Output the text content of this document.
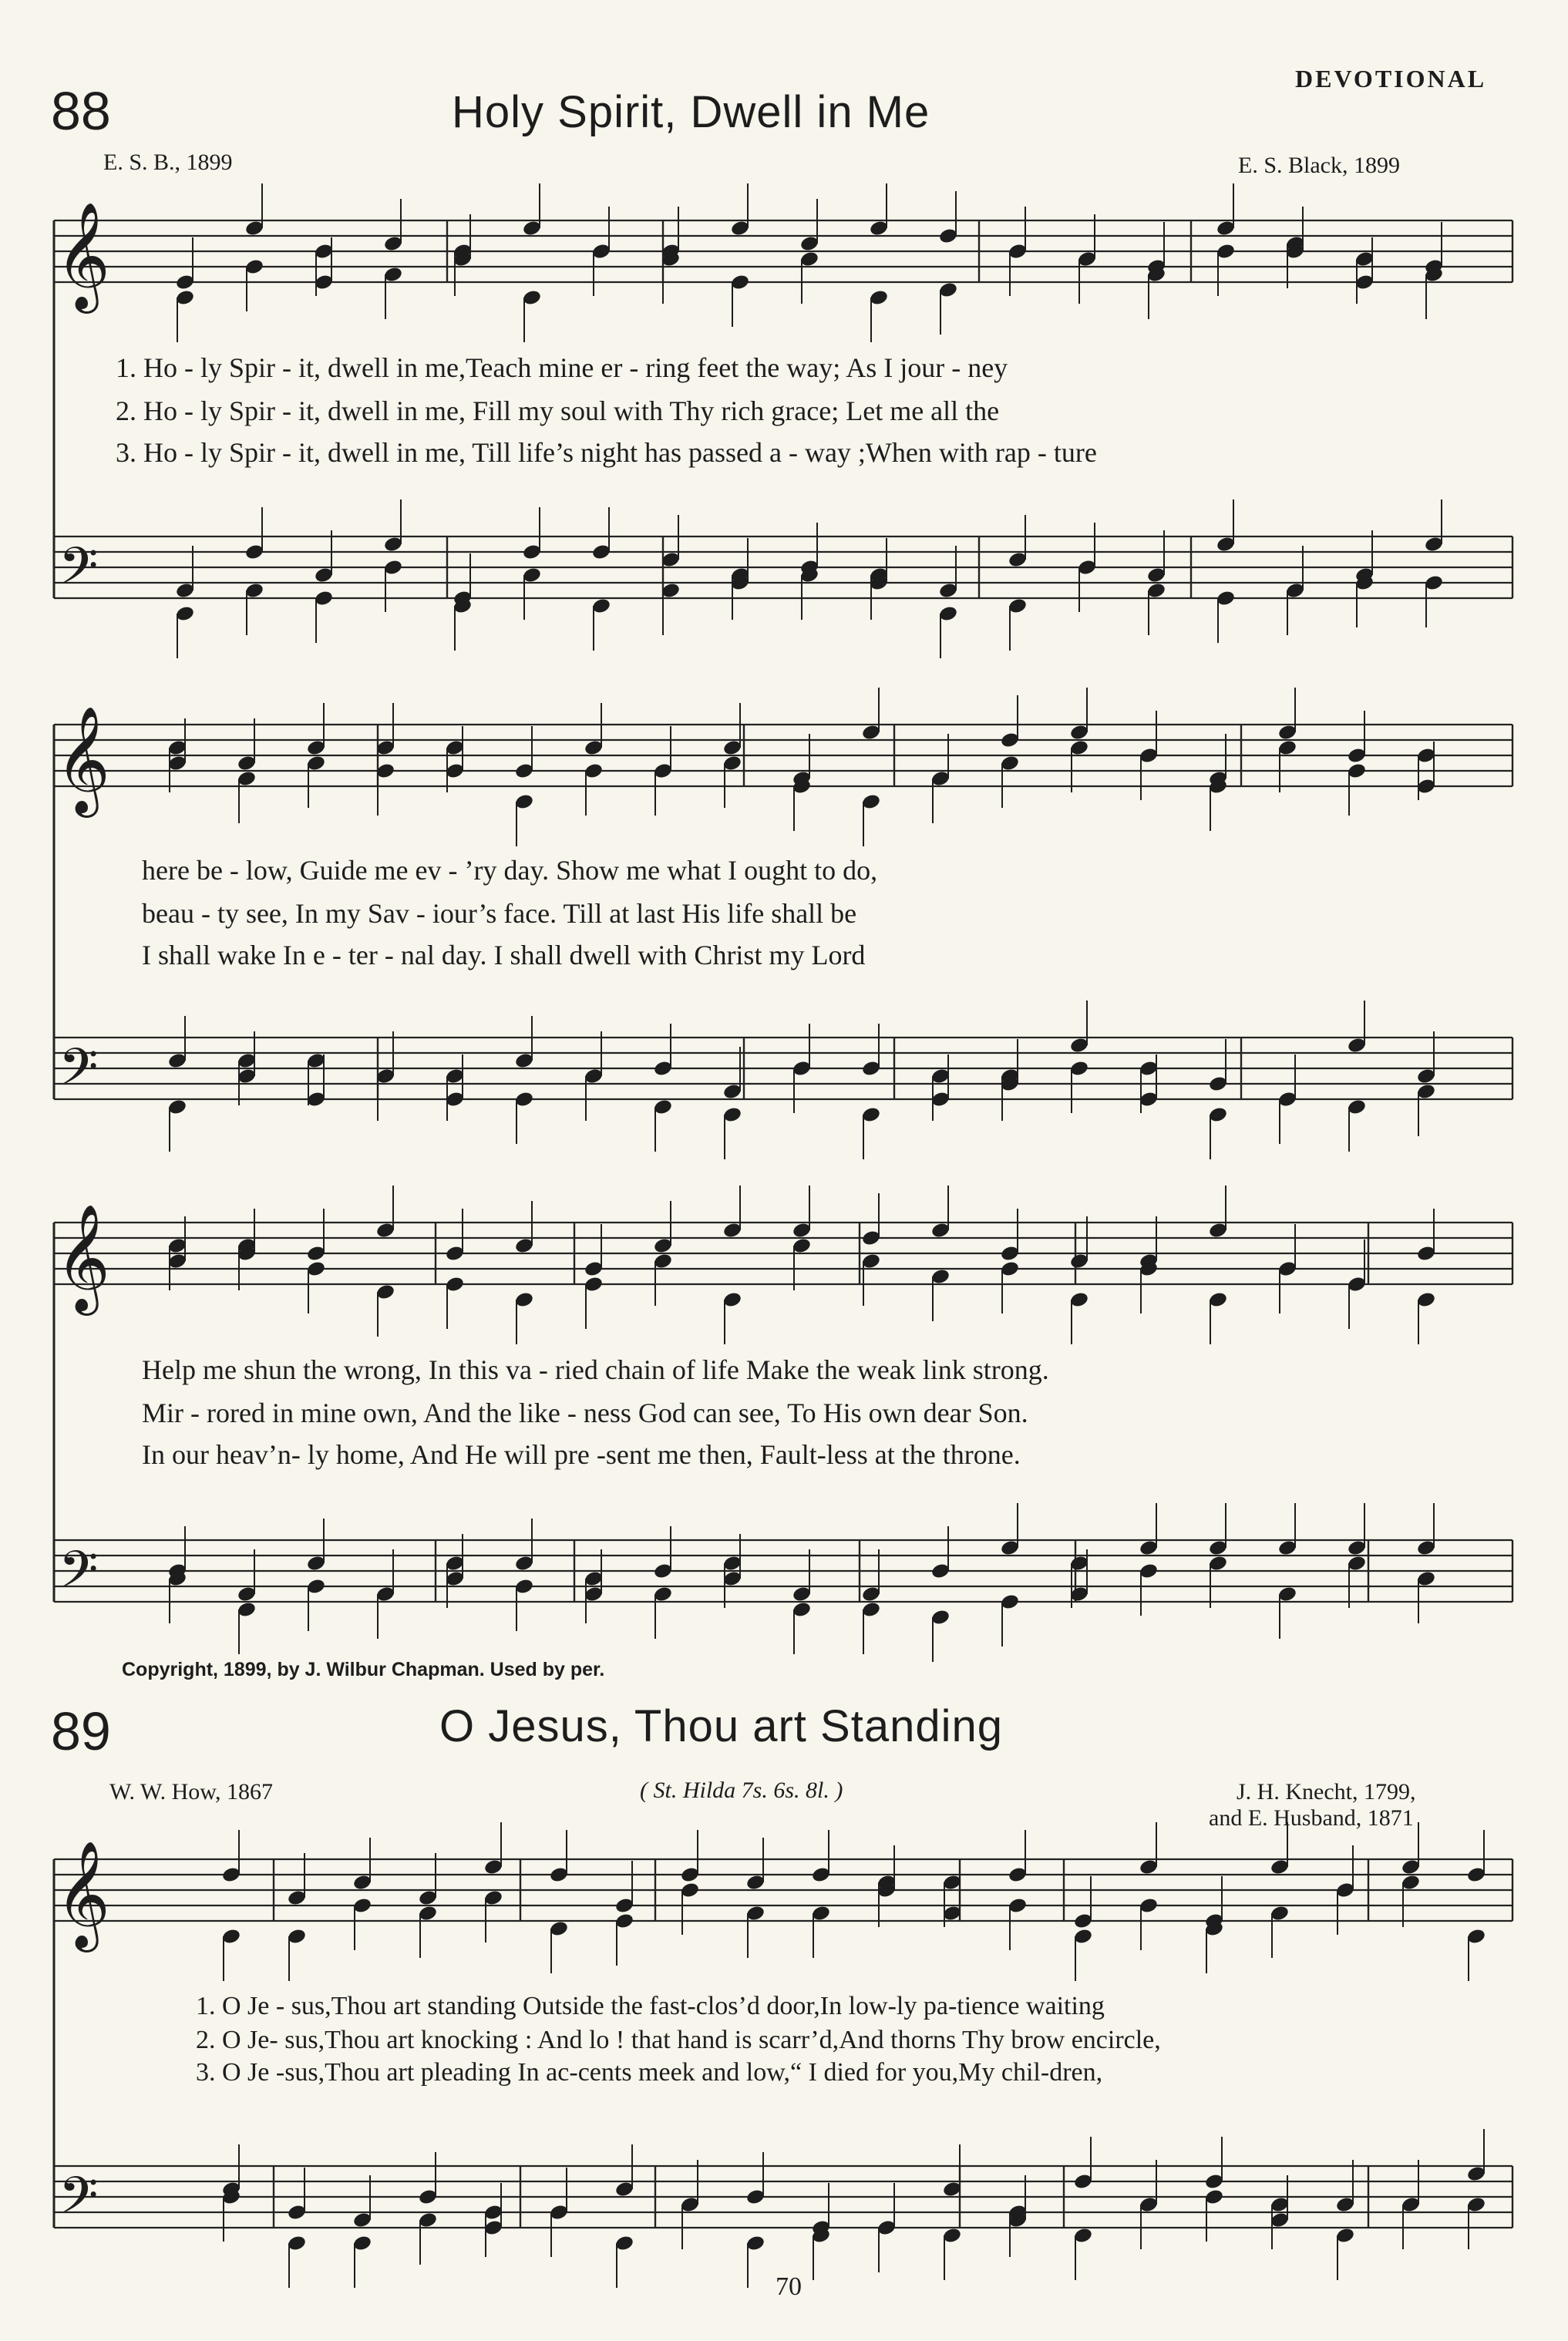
88	Holy Spirit, Dwell in Me
DEVOTIONAL
E. S. B., 1899	E. S. Black, 1899
𝄞
𝄢
𝄞
𝄢
𝄞
𝄢
𝄞
𝄢
1. Ho - ly Spir - it, dwell in me,Teach mine er - ring feet the way; As I jour - ney
2. Ho - ly Spir - it, dwell in me, Fill my soul with Thy rich grace; Let me all the
3. Ho - ly Spir - it, dwell in me, Till life’s night has passed a - way ;When with rap - ture
here be - low, Guide me ev - ’ry day. Show me what I ought to do,
beau - ty see, In my Sav - iour’s face. Till at last His life shall be
I shall wake In e - ter - nal day. I shall dwell with Christ my Lord
Help me shun the wrong, In this va - ried chain of life Make the weak link strong.
Mir - rored in mine own, And the like - ness God can see, To His own dear Son.
In our heav’n- ly home, And He will pre -sent me then, Fault-less at the throne.
Copyright, 1899, by J. Wilbur Chapman. Used by per.
89	O Jesus, Thou art Standing
W. W. How, 1867	( St. Hilda 7s. 6s. 8l. )	J. H. Knecht, 1799,
and E. Husband, 1871
1. O Je - sus,Thou art standing Outside the fast-clos’d door,In low-ly pa-tience waiting
2. O Je- sus,Thou art knocking : And lo ! that hand is scarr’d,And thorns Thy brow encircle,
3. O Je -sus,Thou art pleading In ac-cents meek and low,“ I died for you,My chil-dren,
70
